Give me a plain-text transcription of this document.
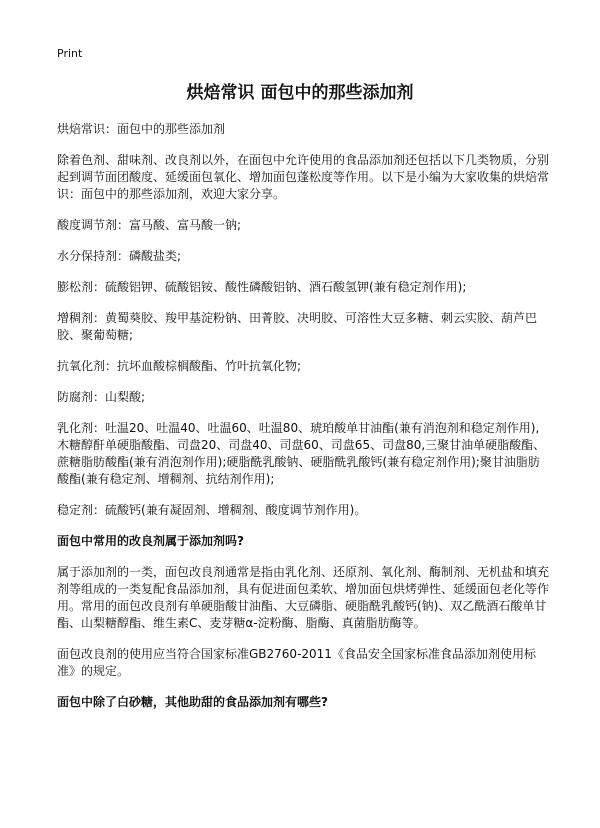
Print
烘焙常识 面包中的那些添加剂
烘焙常识：面包中的那些添加剂
除着色剂、甜味剂、改良剂以外，在面包中允许使用的食品添加剂还包括以下几类物质，分别起到调节面团酸度、延缓面包氧化、增加面包蓬松度等作用。以下是小编为大家收集的烘焙常识：面包中的那些添加剂，欢迎大家分享。
酸度调节剂：富马酸、富马酸一钠;
水分保持剂：磷酸盐类;
膨松剂：硫酸铝钾、硫酸铝铵、酸性磷酸铝钠、酒石酸氢钾(兼有稳定剂作用);
增稠剂：黄蜀葵胶、羧甲基淀粉钠、田菁胶、决明胶、可溶性大豆多糖、刺云实胶、葫芦巴胶、聚葡萄糖;
抗氧化剂：抗坏血酸棕榈酸酯、竹叶抗氧化物;
防腐剂：山梨酸;
乳化剂：吐温20、吐温40、吐温60、吐温80、琥珀酸单甘油酯(兼有消泡剂和稳定剂作用),木糖醇酐单硬脂酸酯、司盘20、司盘40、司盘60、司盘65、司盘80,三聚甘油单硬脂酸酯、蔗糖脂肪酸酯(兼有消泡剂作用);硬脂酰乳酸钠、硬脂酰乳酸钙(兼有稳定剂作用);聚甘油脂肪酸酯(兼有稳定剂、增稠剂、抗结剂作用);
稳定剂：硫酸钙(兼有凝固剂、增稠剂、酸度调节剂作用)。
面包中常用的改良剂属于添加剂吗?
属于添加剂的一类，面包改良剂通常是指由乳化剂、还原剂、氧化剂、酶制剂、无机盐和填充剂等组成的一类复配食品添加剂，具有促进面包柔软、增加面包烘烤弹性、延缓面包老化等作用。常用的面包改良剂有单硬脂酸甘油酯、大豆磷脂、硬脂酰乳酸钙(钠)、双乙酰酒石酸单甘酯、山梨糖醇酯、维生素C、麦芽糖α-淀粉酶、脂酶、真菌脂肪酶等。
面包改良剂的使用应当符合国家标准GB2760-2011《食品安全国家标准食品添加剂使用标准》的规定。
面包中除了白砂糖，其他助甜的食品添加剂有哪些?
